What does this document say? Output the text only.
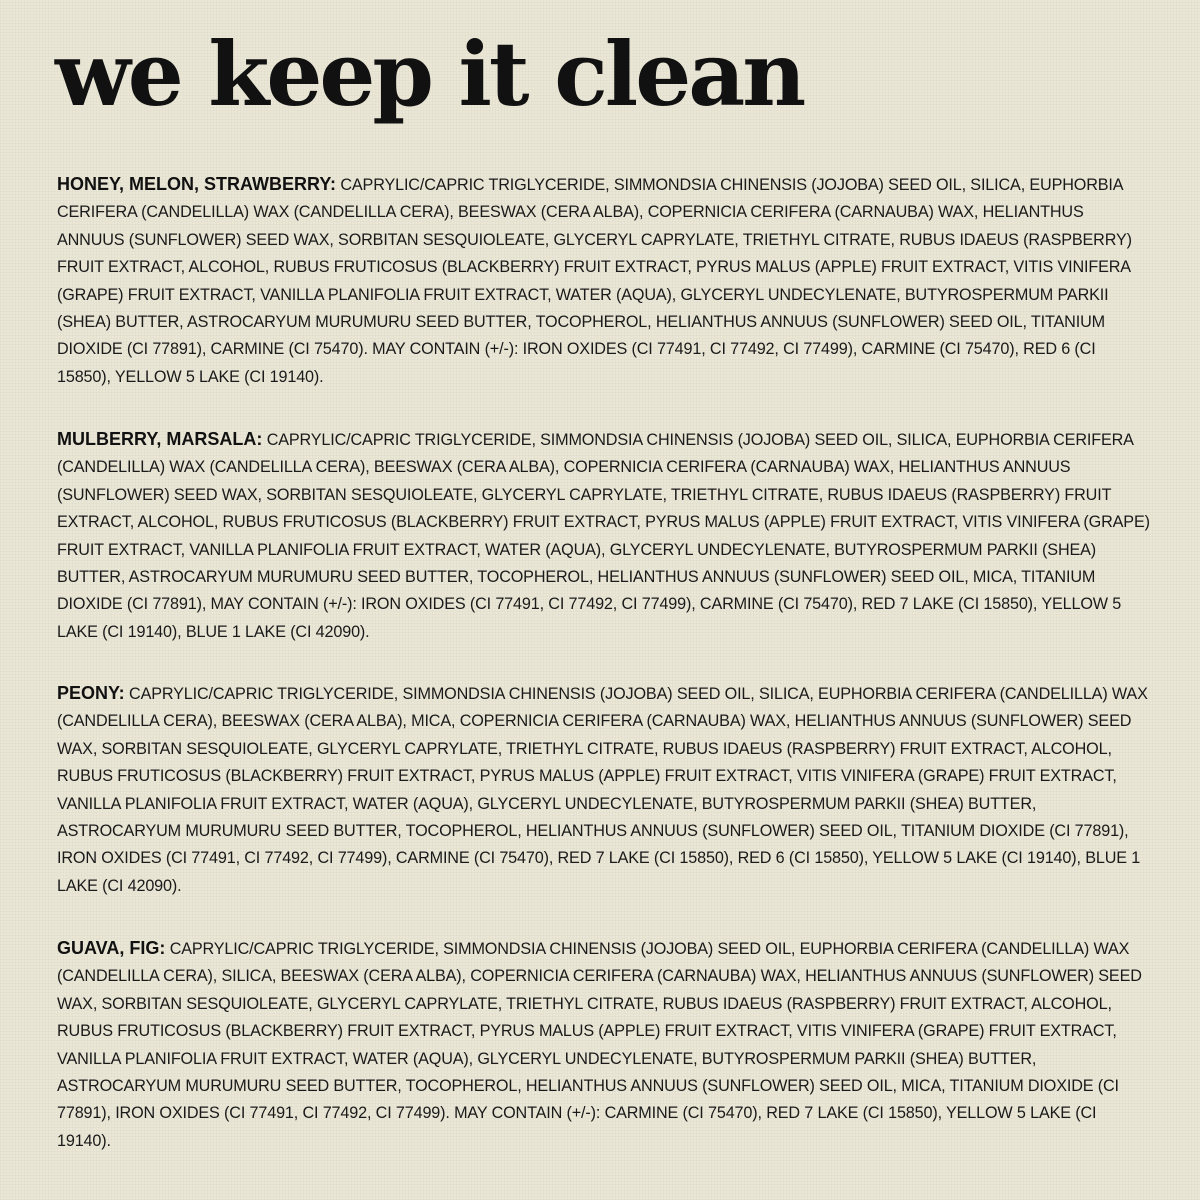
we keep it clean

HONEY, MELON, STRAWBERRY: CAPRYLIC/CAPRIC TRIGLYCERIDE, SIMMONDSIA CHINENSIS (JOJOBA) SEED OIL, SILICA, EUPHORBIA CERIFERA (CANDELILLA) WAX (CANDELILLA CERA), BEESWAX (CERA ALBA), COPERNICIA CERIFERA (CARNAUBA) WAX, HELIANTHUS ANNUUS (SUNFLOWER) SEED WAX, SORBITAN SESQUIOLEATE, GLYCERYL CAPRYLATE, TRIETHYL CITRATE, RUBUS IDAEUS (RASPBERRY) FRUIT EXTRACT, ALCOHOL, RUBUS FRUTICOSUS (BLACKBERRY) FRUIT EXTRACT, PYRUS MALUS (APPLE) FRUIT EXTRACT, VITIS VINIFERA (GRAPE) FRUIT EXTRACT, VANILLA PLANIFOLIA FRUIT EXTRACT, WATER (AQUA), GLYCERYL UNDECYLENATE, BUTYROSPERMUM PARKII (SHEA) BUTTER, ASTROCARYUM MURUMURU SEED BUTTER, TOCOPHEROL, HELIANTHUS ANNUUS (SUNFLOWER) SEED OIL, TITANIUM DIOXIDE (CI 77891), CARMINE (CI 75470). MAY CONTAIN (+/-): IRON OXIDES (CI 77491, CI 77492, CI 77499), CARMINE (CI 75470), RED 6 (CI 15850), YELLOW 5 LAKE (CI 19140).

MULBERRY, MARSALA: CAPRYLIC/CAPRIC TRIGLYCERIDE, SIMMONDSIA CHINENSIS (JOJOBA) SEED OIL, SILICA, EUPHORBIA CERIFERA (CANDELILLA) WAX (CANDELILLA CERA), BEESWAX (CERA ALBA), COPERNICIA CERIFERA (CARNAUBA) WAX, HELIANTHUS ANNUUS (SUNFLOWER) SEED WAX, SORBITAN SESQUIOLEATE, GLYCERYL CAPRYLATE, TRIETHYL CITRATE, RUBUS IDAEUS (RASPBERRY) FRUIT EXTRACT, ALCOHOL, RUBUS FRUTICOSUS (BLACKBERRY) FRUIT EXTRACT, PYRUS MALUS (APPLE) FRUIT EXTRACT, VITIS VINIFERA (GRAPE) FRUIT EXTRACT, VANILLA PLANIFOLIA FRUIT EXTRACT, WATER (AQUA), GLYCERYL UNDECYLENATE, BUTYROSPERMUM PARKII (SHEA) BUTTER, ASTROCARYUM MURUMURU SEED BUTTER, TOCOPHEROL, HELIANTHUS ANNUUS (SUNFLOWER) SEED OIL, MICA, TITANIUM DIOXIDE (CI 77891), MAY CONTAIN (+/-): IRON OXIDES (CI 77491, CI 77492, CI 77499), CARMINE (CI 75470), RED 7 LAKE (CI 15850), YELLOW 5 LAKE (CI 19140), BLUE 1 LAKE (CI 42090).

PEONY: CAPRYLIC/CAPRIC TRIGLYCERIDE, SIMMONDSIA CHINENSIS (JOJOBA) SEED OIL, SILICA, EUPHORBIA CERIFERA (CANDELILLA) WAX (CANDELILLA CERA), BEESWAX (CERA ALBA), MICA, COPERNICIA CERIFERA (CARNAUBA) WAX, HELIANTHUS ANNUUS (SUNFLOWER) SEED WAX, SORBITAN SESQUIOLEATE, GLYCERYL CAPRYLATE, TRIETHYL CITRATE, RUBUS IDAEUS (RASPBERRY) FRUIT EXTRACT, ALCOHOL, RUBUS FRUTICOSUS (BLACKBERRY) FRUIT EXTRACT, PYRUS MALUS (APPLE) FRUIT EXTRACT, VITIS VINIFERA (GRAPE) FRUIT EXTRACT, VANILLA PLANIFOLIA FRUIT EXTRACT, WATER (AQUA), GLYCERYL UNDECYLENATE, BUTYROSPERMUM PARKII (SHEA) BUTTER, ASTROCARYUM MURUMURU SEED BUTTER, TOCOPHEROL, HELIANTHUS ANNUUS (SUNFLOWER) SEED OIL, TITANIUM DIOXIDE (CI 77891), IRON OXIDES (CI 77491, CI 77492, CI 77499), CARMINE (CI 75470), RED 7 LAKE (CI 15850), RED 6 (CI 15850), YELLOW 5 LAKE (CI 19140), BLUE 1 LAKE (CI 42090).

GUAVA, FIG: CAPRYLIC/CAPRIC TRIGLYCERIDE, SIMMONDSIA CHINENSIS (JOJOBA) SEED OIL, EUPHORBIA CERIFERA (CANDELILLA) WAX (CANDELILLA CERA), SILICA, BEESWAX (CERA ALBA), COPERNICIA CERIFERA (CARNAUBA) WAX, HELIANTHUS ANNUUS (SUNFLOWER) SEED WAX, SORBITAN SESQUIOLEATE, GLYCERYL CAPRYLATE, TRIETHYL CITRATE, RUBUS IDAEUS (RASPBERRY) FRUIT EXTRACT, ALCOHOL, RUBUS FRUTICOSUS (BLACKBERRY) FRUIT EXTRACT, PYRUS MALUS (APPLE) FRUIT EXTRACT, VITIS VINIFERA (GRAPE) FRUIT EXTRACT, VANILLA PLANIFOLIA FRUIT EXTRACT, WATER (AQUA), GLYCERYL UNDECYLENATE, BUTYROSPERMUM PARKII (SHEA) BUTTER, ASTROCARYUM MURUMURU SEED BUTTER, TOCOPHEROL, HELIANTHUS ANNUUS (SUNFLOWER) SEED OIL, MICA, TITANIUM DIOXIDE (CI 77891), IRON OXIDES (CI 77491, CI 77492, CI 77499). MAY CONTAIN (+/-): CARMINE (CI 75470), RED 7 LAKE (CI 15850), YELLOW 5 LAKE (CI 19140).
